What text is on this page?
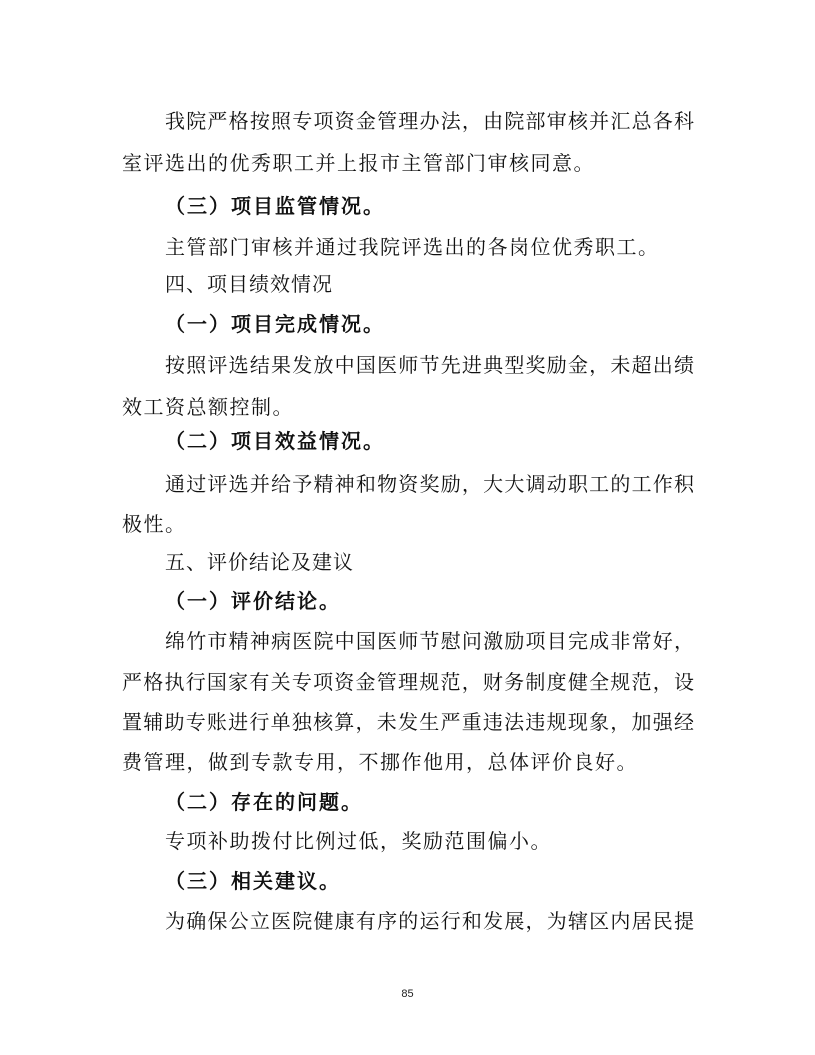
我院严格按照专项资金管理办法，由院部审核并汇总各科
室评选出的优秀职工并上报市主管部门审核同意。
（三）项目监管情况。
主管部门审核并通过我院评选出的各岗位优秀职工。
四、项目绩效情况
（一）项目完成情况。
按照评选结果发放中国医师节先进典型奖励金，未超出绩
效工资总额控制。
（二）项目效益情况。
通过评选并给予精神和物资奖励，大大调动职工的工作积
极性。
五、评价结论及建议
（一）评价结论。
绵竹市精神病医院中国医师节慰问激励项目完成非常好，
严格执行国家有关专项资金管理规范，财务制度健全规范，设
置辅助专账进行单独核算，未发生严重违法违规现象，加强经
费管理，做到专款专用，不挪作他用，总体评价良好。
（二）存在的问题。
专项补助拨付比例过低，奖励范围偏小。
（三）相关建议。
为确保公立医院健康有序的运行和发展，为辖区内居民提
85
